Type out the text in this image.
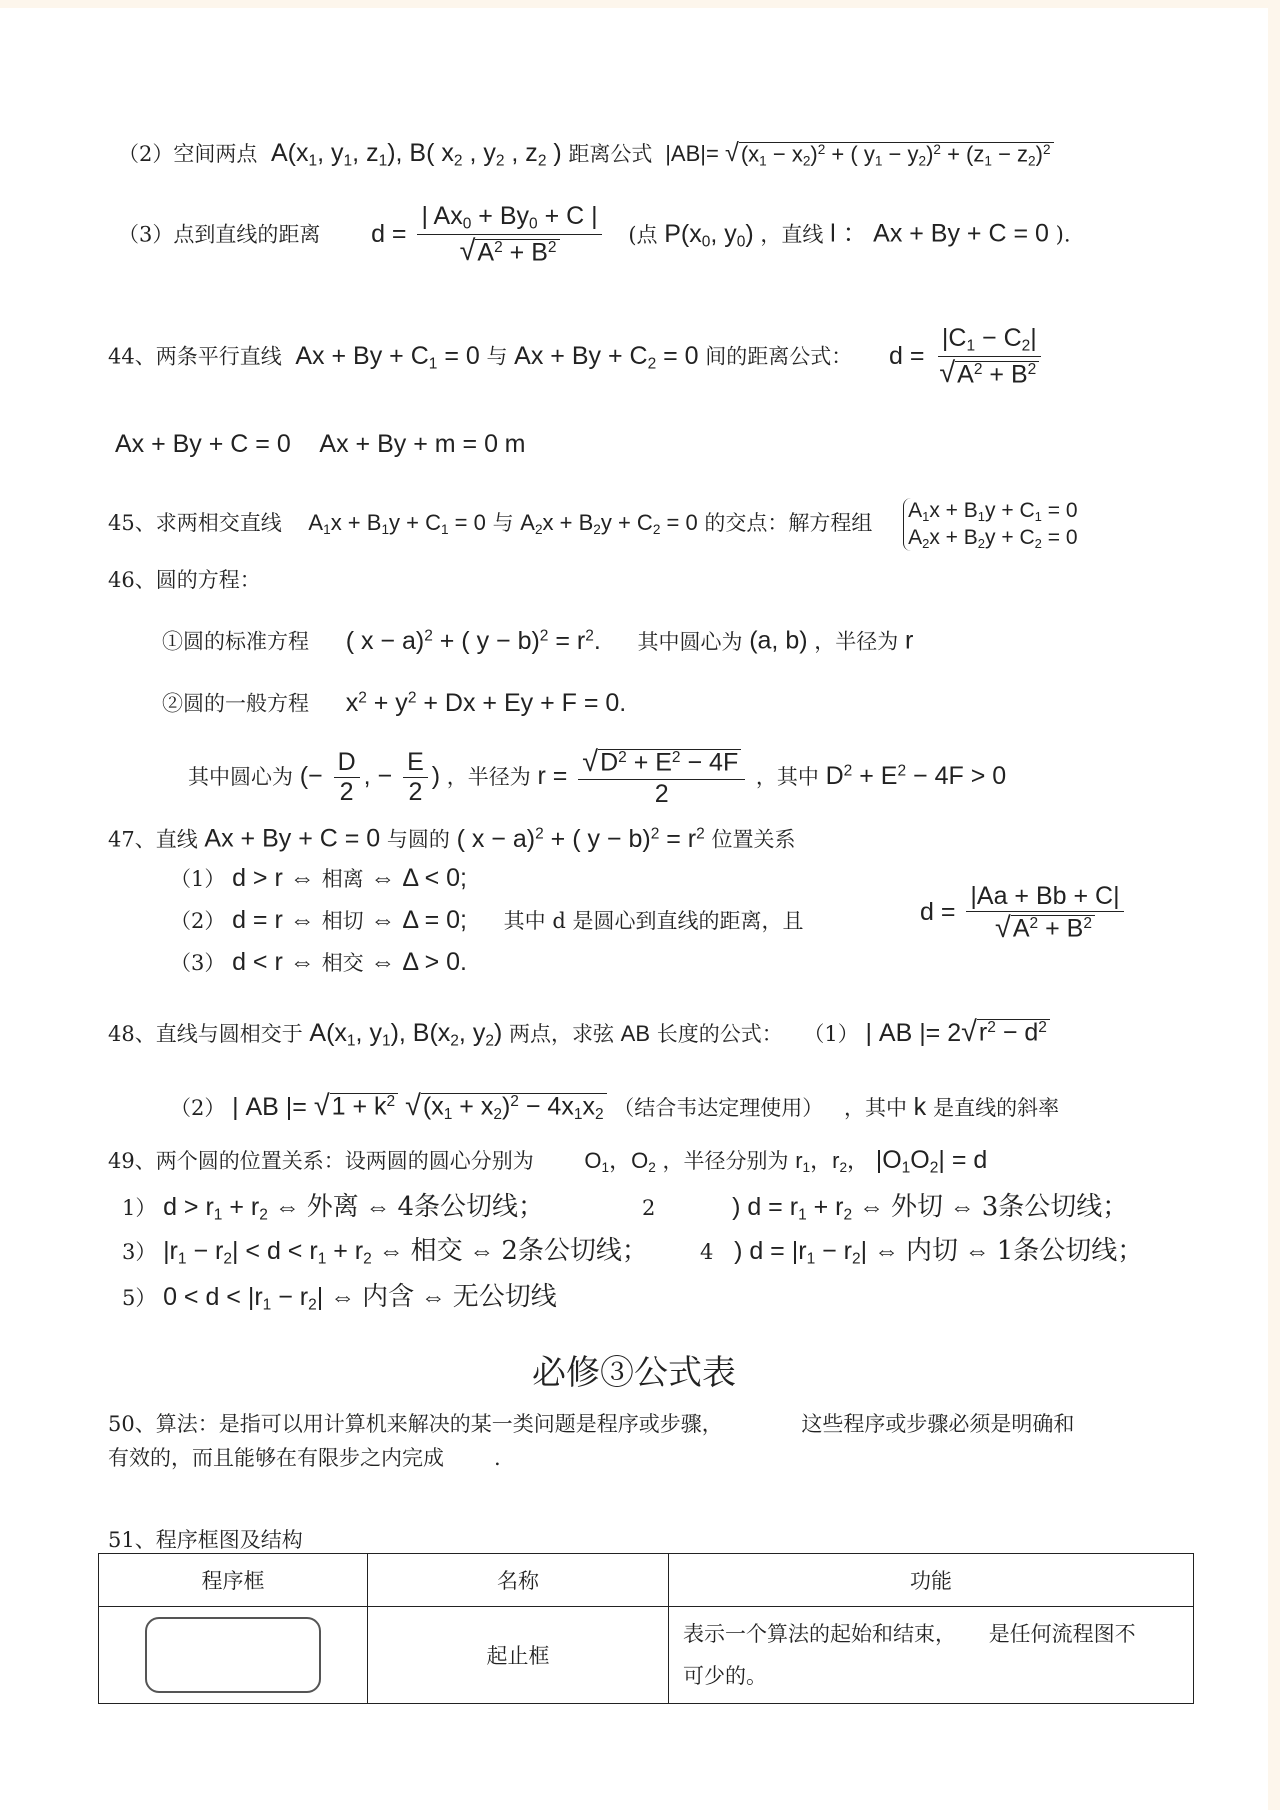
（2）空间两点  $A(x_1$, $y_1$, $z_1$), B( $x_2$ , $y_2$ , $z_2$ ) 距离公式  $|AB|= √(x_1 - x_2)^2$ + ( $y_1 - y_2)^2 + (z_1 - z_2)^2$
（3）点到直线的距离 $d = \frac{| Ax_0 + By_0 + C |}{√A^2 + B^2}$ (点 $P(x_0$, $y_0$) ，直线 l ： Ax + By + C = 0 ).
44、两条平行直线  $Ax + By + C_1 = 0$ 与 $Ax + By + C_2 = 0$ 间的距离公式： $d = \frac{|C_1 - C_2|}{√A^2 + B^2}$
Ax + By + C = 0 Ax + By + m = 0 m
45、求两相交直线 $A_1x + B_1y + C_1 = 0$ 与 $A_2x + B_2y + C_2 = 0$ 的交点：解方程组
$A_1x + B_1y + C_1 = 0$
$A_2x + B_2y + C_2 = 0$
46、圆的方程：
①圆的标准方程 ( x − a)$^2$ + ( $y - b)^2 = r^2$. 其中圆心为 (a, b) ，半径为 r
②圆的一般方程 $x^2 + y^2 + Dx + Ey + F = 0$.
其中圆心为 (− $\frac{D}{2}$ , − $\frac{E}{2}$ ) ，半径为 $r = \frac{√D^2 + E^2 - 4F}{2}$ ，其中 $D^2 + E^2 - 4F > 0$
47、直线 Ax + By + C = 0 与圆的 ( x − a)$^2$ + ( $y - b)^2 = r^2$ 位置关系
（1） d > r ⇔ 相离 ⇔ Δ < 0;
（2） d = r ⇔ 相切 ⇔ Δ = 0; 其中 d 是圆心到直线的距离，且	$d = \frac{|Aa + Bb + C|}{√A^2 + B^2}$
（3） d < r ⇔ 相交 ⇔ Δ > 0.
48、直线与圆相交于 $A(x_1$, $y_1$), $B(x_2$, $y_2$) 两点，求弦 AB 长度的公式： （1） | AB |= $2√r^2 - d^2$
（2） | AB |= $√1 + k^2$ $√(x_1 + x_2)^2 - 4x_1x_2$ （结合韦达定理使用） ，其中 k 是直线的斜率
49、两个圆的位置关系：设两圆的圆心分别为 $O_1$，$O_2$ ，半径分别为 $r_1$，$r_2$， $|O_1O_2| = d$
1） $d > r_1 + r_2$ ⇔ 外离 ⇔ 4条公切线；	2	) $d = r_1 + r_2$ ⇔ 外切 ⇔ 3条公切线；
3） $|r_1 - r_2| < d < r_1 + r_2$ ⇔ 相交 ⇔ 2条公切线； 4 ) $d = |r_1 - r_2|$ ⇔ 内切 ⇔ 1条公切线；
5） $0 < d < |r_1 - r_2|$ ⇔ 内含 ⇔ 无公切线
必修③公式表
50、算法：是指可以用计算机来解决的某一类问题是程序或步骤，	这些程序或步骤必须是明确和
有效的，而且能够在有限步之内完成 .
51、程序框图及结构
程序框	名称	功能

	起止框	表示一个算法的起始和结束， 是任何流程图不
可少的。
